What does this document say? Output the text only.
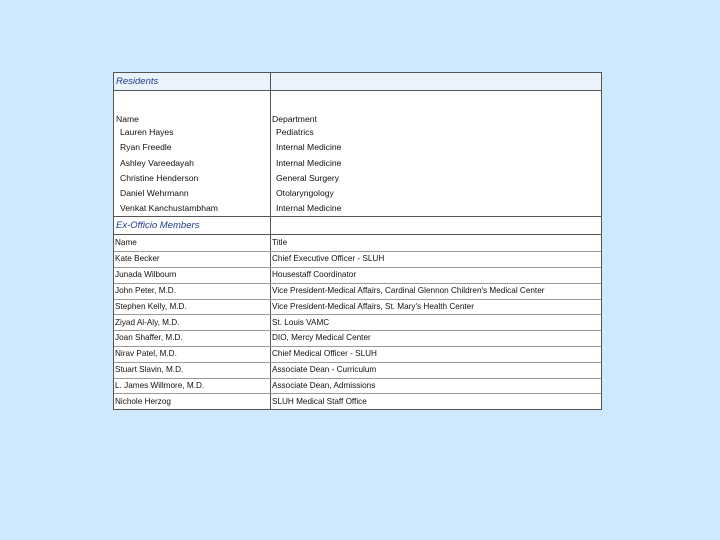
Residents
Name	Department
Lauren Hayes	Pediatrics
Ryan Freedle	Internal Medicine
Ashley Vareedayah	Internal Medicine
Christine Henderson	General Surgery
Daniel Wehrmann	Otolaryngology
Venkat Kanchustambham	Internal Medicine
Ex-Officio Members
Name	Title
Kate Becker	Chief Executive Officer - SLUH
Junada Wilbourn	Housestaff Coordinator
John Peter, M.D.	Vice President-Medical Affairs, Cardinal Glennon Children's Medical Center
Stephen Kelly, M.D.	Vice President-Medical Affairs, St. Mary's Health Center
Ziyad Al-Aly, M.D.	St. Louis VAMC
Joan Shaffer, M.D.	DIO, Mercy Medical Center
Nirav Patel, M.D.	Chief Medical Officer - SLUH
Stuart Slavin, M.D.	Associate Dean - Curriculum
L. James Willmore, M.D.	Associate Dean, Admissions
Nichole Herzog	SLUH Medical Staff Office
